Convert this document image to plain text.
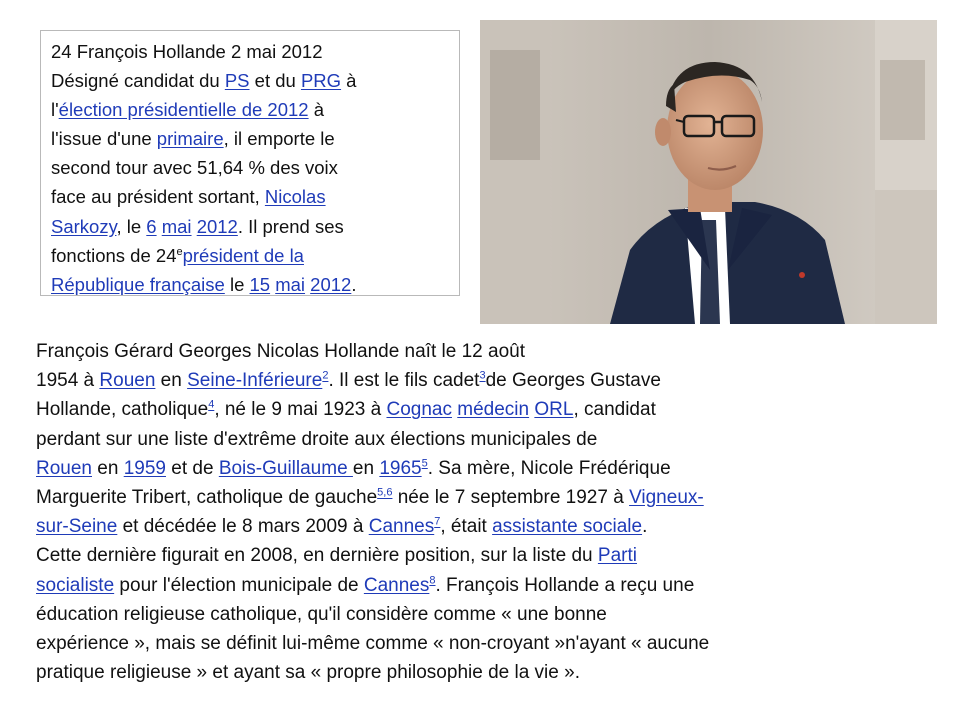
24 François Hollande 2 mai 2012
Désigné candidat du PS et du PRG à
l'élection présidentielle de 2012 à
l'issue d'une primaire, il emporte le
second tour avec 51,64 % des voix
face au président sortant, Nicolas
Sarkozy, le 6 mai 2012. Il prend ses
fonctions de 24eprésident de la
République française le 15 mai 2012.

François Gérard Georges Nicolas Hollande naît le 12 août
1954 à Rouen en Seine-Inférieure$^2$. Il est le fils cadet$^3$de Georges Gustave
Hollande, catholique$^4$, né le 9 mai 1923 à Cognac médecin ORL, candidat
perdant sur une liste d'extrême droite aux élections municipales de
Rouen en 1959 et de Bois-Guillaume en 1965$^5$. Sa mère, Nicole Frédérique
Marguerite Tribert, catholique de gauche$^{5,6}$ née le 7 septembre 1927 à Vigneux-
sur-Seine et décédée le 8 mars 2009 à Cannes$^7$, était assistante sociale.
Cette dernière figurait en 2008, en dernière position, sur la liste du Parti
socialiste pour l'élection municipale de Cannes$^8$. François Hollande a reçu une
éducation religieuse catholique, qu'il considère comme « une bonne
expérience », mais se définit lui-même comme « non-croyant »n'ayant « aucune
pratique religieuse » et ayant sa « propre philosophie de la vie ».
